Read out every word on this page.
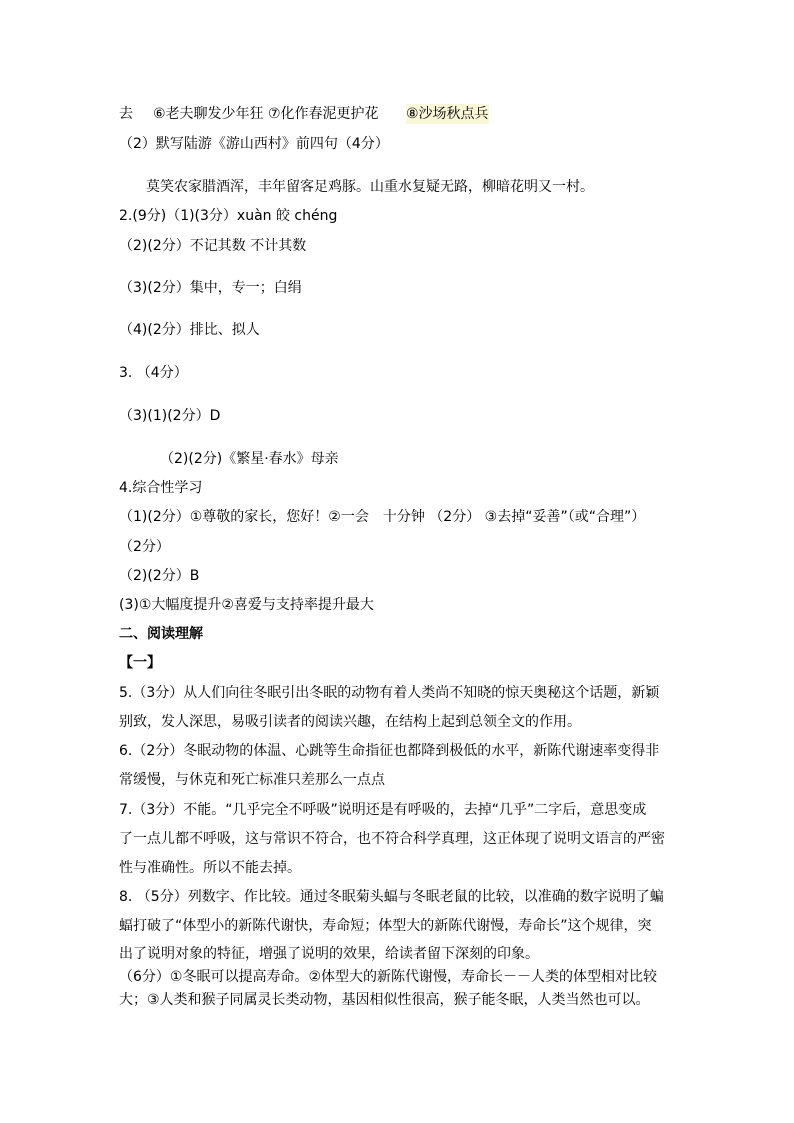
去 ⑥老夫聊发少年狂 ⑦化作春泥更护花 ⑧沙场秋点兵
（2）默写陆游《游山西村》前四句（4分）
莫笑农家腊酒浑，丰年留客足鸡豚。山重水复疑无路，柳暗花明又一村。
2.(9分)（1)(3分）xuàn 皎 chéng
（2)(2分）不记其数 不计其数
（3)(2分）集中，专一；白绢
（4)(2分）排比、拟人
3. （4分）
（3)(1)(2分）D
（2)(2分)《繁星·春水》母亲
4.综合性学习
（1)(2分）①尊敬的家长，您好！②一会　十分钟 （2分） ③去掉“妥善”（或“合理”）
（2分）
（2)(2分）B
(3)①大幅度提升②喜爱与支持率提升最大
二、阅读理解
【一】
5.（3分）从人们向往冬眠引出冬眠的动物有着人类尚不知晓的惊天奥秘这个话题，新颖
别致，发人深思，易吸引读者的阅读兴趣，在结构上起到总领全文的作用。
6.（2分）冬眠动物的体温、心跳等生命指征也都降到极低的水平，新陈代谢速率变得非
常缓慢，与休克和死亡标准只差那么一点点
7.（3分）不能。“几乎完全不呼吸”说明还是有呼吸的，去掉“几乎”二字后，意思变成
了一点儿都不呼吸，这与常识不符合，也不符合科学真理，这正体现了说明文语言的严密
性与准确性。所以不能去掉。
8. （5分）列数字、作比较。通过冬眠菊头蝠与冬眠老鼠的比较，以准确的数字说明了蝙
蝠打破了“体型小的新陈代谢快，寿命短；体型大的新陈代谢慢，寿命长”这个规律，突
出了说明对象的特征，增强了说明的效果，给读者留下深刻的印象。
（6分）①冬眠可以提高寿命。②体型大的新陈代谢慢，寿命长－－人类的体型相对比较
大；③人类和猴子同属灵长类动物，基因相似性很高，猴子能冬眠，人类当然也可以。
